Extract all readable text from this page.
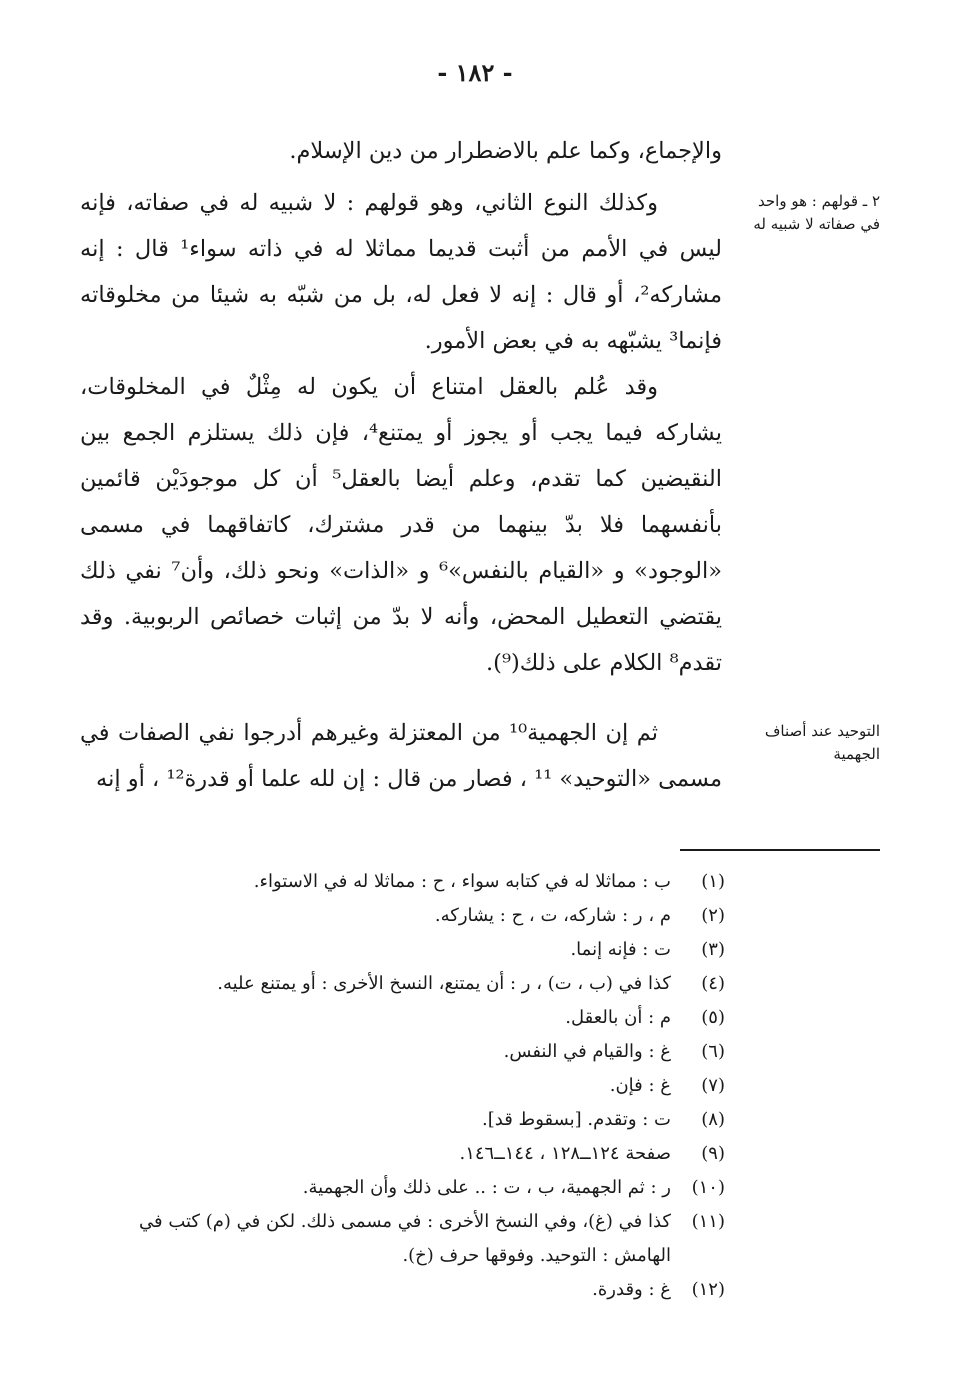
- ١٨٢ -
والإجماع، وكما علم بالاضطرار من دين الإسلام.
وكذلك النوع الثاني، وهو قولهم : لا شبيه له في صفاته، فإنه ليس في الأمم من أثبت قديما مماثلا له في ذاته سواء¹ قال : إنه مشاركه²، أو قال : إنه لا فعل له، بل من شبّه به شيئا من مخلوقاته فإنما³ يشبّهه به في بعض الأمور.
وقد عُلم بالعقل امتناع أن يكون له مِثْلٌ في المخلوقات، يشاركه فيما يجب أو يجوز أو يمتنع⁴، فإن ذلك يستلزم الجمع بين النقيضين كما تقدم، وعلم أيضا بالعقل⁵ أن كل موجودَيْن قائمين بأنفسهما فلا بدّ بينهما من قدر مشترك، كاتفاقهما في مسمى «الوجود» و «القيام بالنفس»⁶ و «الذات» ونحو ذلك، وأن⁷ نفي ذلك يقتضي التعطيل المحض، وأنه لا بدّ من إثبات خصائص الربوبية. وقد تقدم⁸ الكلام على ذلك(⁹).
ثم إن الجهمية¹⁰ من المعتزلة وغيرهم أدرجوا نفي الصفات في مسمى «التوحيد» ¹¹ ، فصار من قال : إن لله علما أو قدرة¹² ، أو إنه
٢ ـ قولهم : هو واحد في صفاته لا شبيه له
التوحيد عند أصناف الجهمية
(١)
ب : مماثلا له في كتابه سواء ، ح : مماثلا له في الاستواء.
(٢)
م ، ر : شاركه، ت ، ح : يشاركه.
(٣)
ت : فإنه إنما.
(٤)
كذا في (ب ، ت) ، ر : أن يمتنع، النسخ الأخرى : أو يمتنع عليه.
(٥)
م : أن بالعقل.
(٦)
غ : والقيام في النفس.
(٧)
غ : فإن.
(٨)
ت : وتقدم. [بسقوط قد].
(٩)
صفحة ١٢٤ــ١٢٨ ، ١٤٤ــ١٤٦.
(١٠)
ر : ثم الجهمية، ب ، ت : .. على ذلك وأن الجهمية.
(١١)
كذا في (غ)، وفي النسخ الأخرى : في مسمى ذلك. لكن في (م) كتب في الهامش : التوحيد. وفوقها حرف (خ).
(١٢)
غ : وقدرة.
